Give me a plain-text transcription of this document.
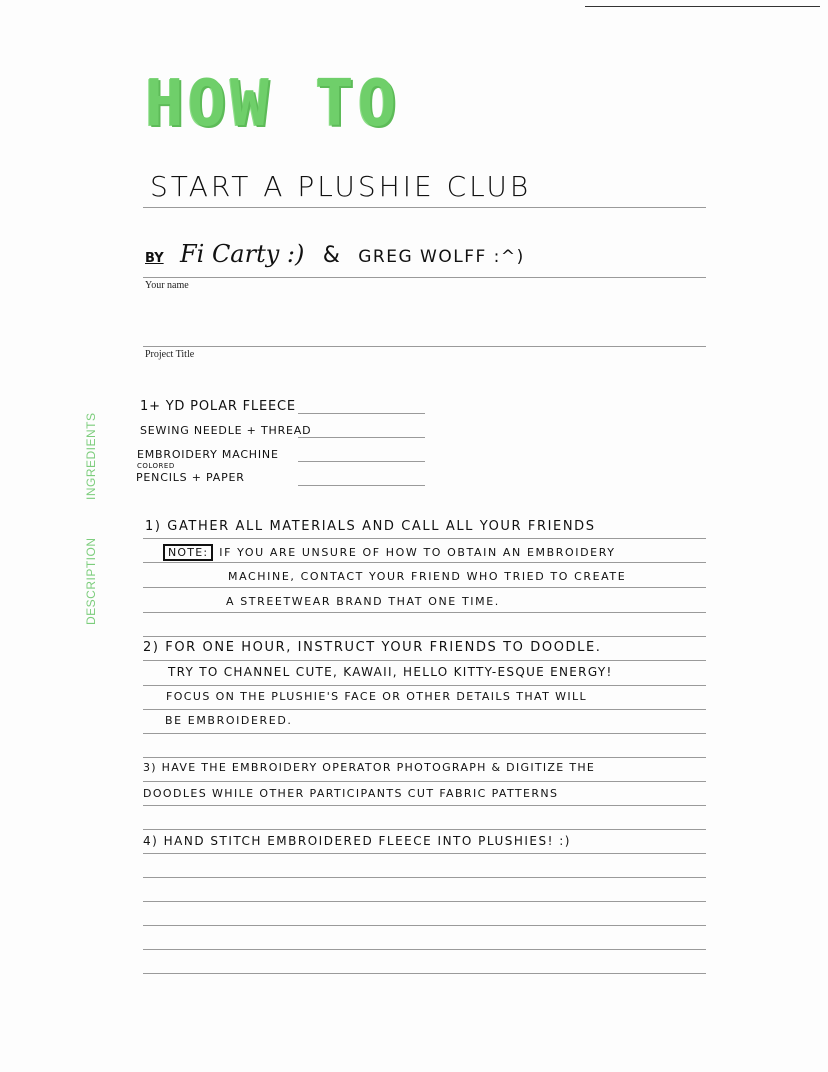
HOW TO
START A PLUSHIE CLUB
BY Fi Carty :) & GREG WOLFF :^)
Your name
Project Title
INGREDIENTS
DESCRIPTION
1+ YD POLAR FLEECE
SEWING NEEDLE + THREAD
EMBROIDERY MACHINE
COLORED
PENCILS + PAPER
1) GATHER ALL MATERIALS AND CALL ALL YOUR FRIENDS
NOTE: IF YOU ARE UNSURE OF HOW TO OBTAIN AN EMBROIDERY
MACHINE, CONTACT YOUR FRIEND WHO TRIED TO CREATE
A STREETWEAR BRAND THAT ONE TIME.
2) FOR ONE HOUR, INSTRUCT YOUR FRIENDS TO DOODLE.
TRY TO CHANNEL CUTE, KAWAII, HELLO KITTY-ESQUE ENERGY!
FOCUS ON THE PLUSHIE'S FACE OR OTHER DETAILS THAT WILL
BE EMBROIDERED.
3) HAVE THE EMBROIDERY OPERATOR PHOTOGRAPH & DIGITIZE THE
DOODLES WHILE OTHER PARTICIPANTS CUT FABRIC PATTERNS
4) HAND STITCH EMBROIDERED FLEECE INTO PLUSHIES! :)
